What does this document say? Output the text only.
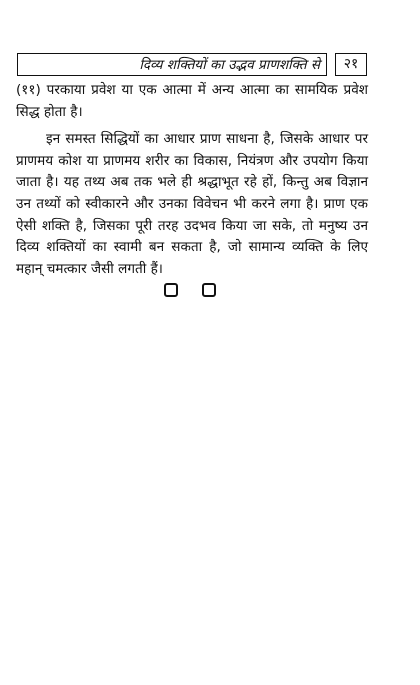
दिव्य शक्तियों का उद्भव प्राणशक्ति से	२१

(११) परकाया प्रवेश या एक आत्मा में अन्य आत्मा का सामयिक प्रवेश सिद्ध होता है।

इन समस्त सिद्धियों का आधार प्राण साधना है, जिसके आधार पर प्राणमय कोश या प्राणमय शरीर का विकास, नियंत्रण और उपयोग किया जाता है। यह तथ्य अब तक भले ही श्रद्धाभूत रहे हों, किन्तु अब विज्ञान उन तथ्यों को स्वीकारने और उनका विवेचन भी करने लगा है। प्राण एक ऐसी शक्ति है, जिसका पूरी तरह उदभव किया जा सके, तो मनुष्य उन दिव्य शक्तियों का स्वामी बन सकता है, जो सामान्य व्यक्ति के लिए महान् चमत्कार जैसी लगती हैं।
